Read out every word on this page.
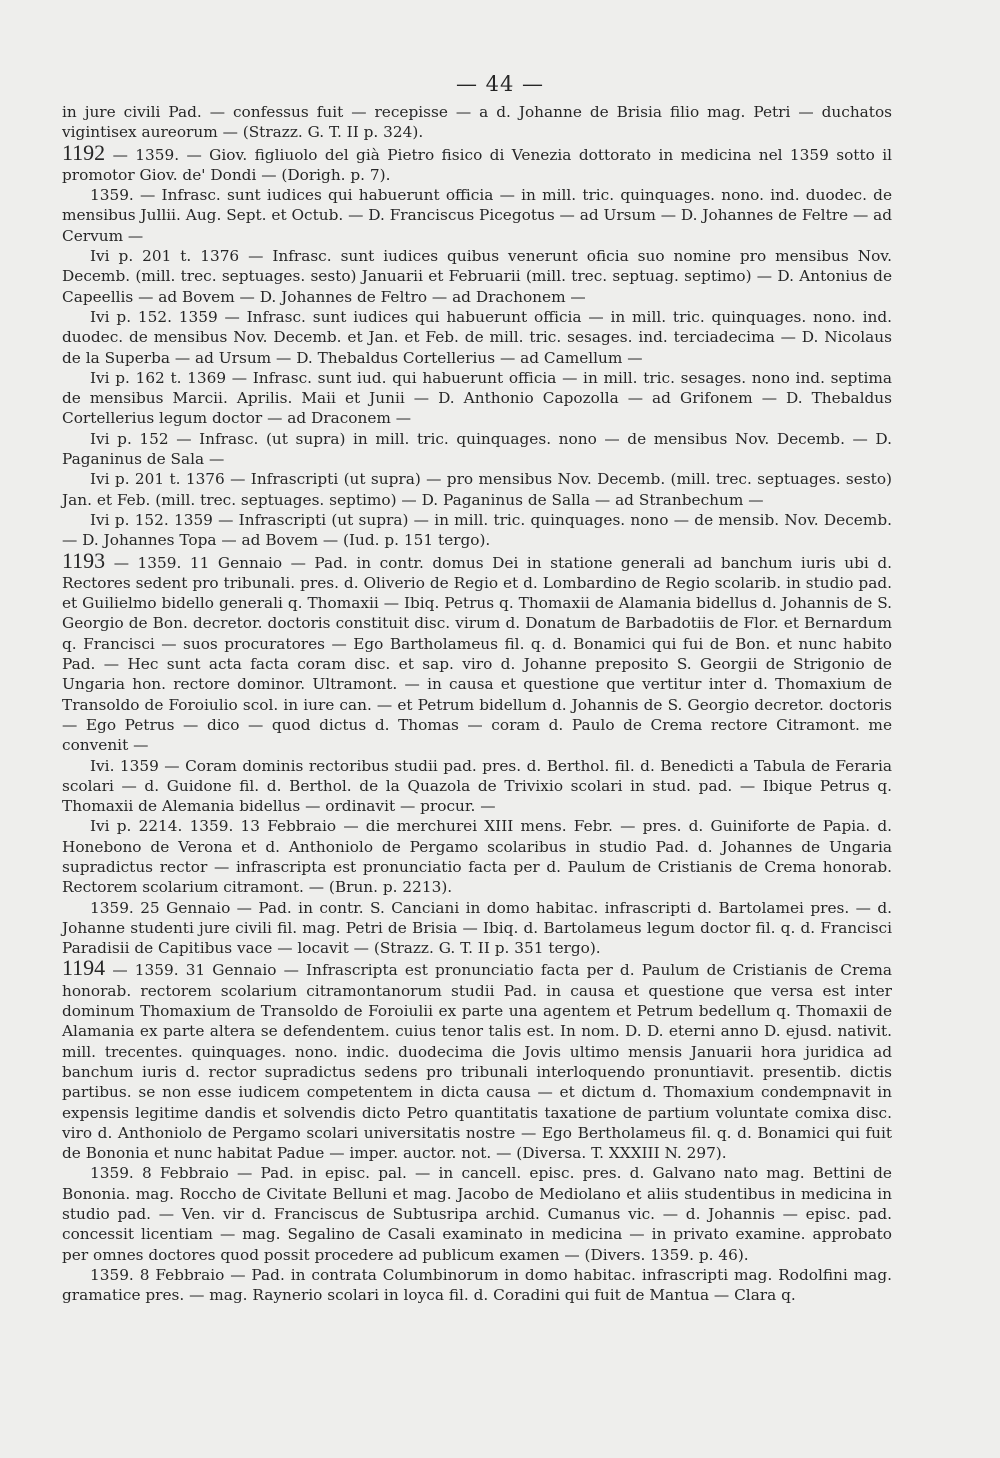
— 44 —

in jure civili Pad. — confessus fuit — recepisse — a d. Johanne de Brisia filio mag. Petri — duchatos vigintisex aureorum — (Strazz. G. T. II p. 324).

1192 — 1359. — Giov. figliuolo del già Pietro fisico di Venezia dottorato in medicina nel 1359 sotto il promotor Giov. de' Dondi — (Dorigh. p. 7).

1359. — Infrasc. sunt iudices qui habuerunt officia — in mill. tric. quinquages. nono. ind. duodec. de mensibus Jullii. Aug. Sept. et Octub. — D. Franciscus Picegotus — ad Ursum — D. Johannes de Feltre — ad Cervum —

Ivi p. 201 t. 1376 — Infrasc. sunt iudices quibus venerunt oficia suo nomine pro mensibus Nov. Decemb. (mill. trec. septuages. sesto) Januarii et Februarii (mill. trec. septuag. septimo) — D. Antonius de Capeellis — ad Bovem — D. Johannes de Feltro — ad Drachonem —

Ivi p. 152. 1359 — Infrasc. sunt iudices qui habuerunt officia — in mill. tric. quinquages. nono. ind. duodec. de mensibus Nov. Decemb. et Jan. et Feb. de mill. tric. sesages. ind. terciadecima — D. Nicolaus de la Superba — ad Ursum — D. Thebaldus Cortellerius — ad Camellum —

Ivi p. 162 t. 1369 — Infrasc. sunt iud. qui habuerunt officia — in mill. tric. sesages. nono ind. septima de mensibus Marcii. Aprilis. Maii et Junii — D. Anthonio Capozolla — ad Grifonem — D. Thebaldus Cortellerius legum doctor — ad Draconem —

Ivi p. 152 — Infrasc. (ut supra) in mill. tric. quinquages. nono — de mensibus Nov. Decemb. — D. Paganinus de Sala —

Ivi p. 201 t. 1376 — Infrascripti (ut supra) — pro mensibus Nov. Decemb. (mill. trec. septuages. sesto) Jan. et Feb. (mill. trec. septuages. septimo) — D. Paganinus de Salla — ad Stranbechum —

Ivi p. 152. 1359 — Infrascripti (ut supra) — in mill. tric. quinquages. nono — de mensib. Nov. Decemb. — D. Johannes Topa — ad Bovem — (Iud. p. 151 tergo).

1193 — 1359. 11 Gennaio — Pad. in contr. domus Dei in statione generali ad banchum iuris ubi d. Rectores sedent pro tribunali. pres. d. Oliverio de Regio et d. Lombardino de Regio scolarib. in studio pad. et Guilielmo bidello generali q. Thomaxii — Ibiq. Petrus q. Thomaxii de Alamania bidellus d. Johannis de S. Georgio de Bon. decretor. doctoris constituit disc. virum d. Donatum de Barbadotiis de Flor. et Bernardum q. Francisci — suos procuratores — Ego Bartholameus fil. q. d. Bonamici qui fui de Bon. et nunc habito Pad. — Hec sunt acta facta coram disc. et sap. viro d. Johanne preposito S. Georgii de Strigonio de Ungaria hon. rectore dominor. Ultramont. — in causa et questione que vertitur inter d. Thomaxium de Transoldo de Foroiulio scol. in iure can. — et Petrum bidellum d. Johannis de S. Georgio decretor. doctoris — Ego Petrus — dico — quod dictus d. Thomas — coram d. Paulo de Crema rectore Citramont. me convenit —

Ivi. 1359 — Coram dominis rectoribus studii pad. pres. d. Berthol. fil. d. Benedicti a Tabula de Feraria scolari — d. Guidone fil. d. Berthol. de la Quazola de Trivixio scolari in stud. pad. — Ibique Petrus q. Thomaxii de Alemania bidellus — ordinavit — procur. —

Ivi p. 2214. 1359. 13 Febbraio — die merchurei XIII mens. Febr. — pres. d. Guiniforte de Papia. d. Honebono de Verona et d. Anthoniolo de Pergamo scolaribus in studio Pad. d. Johannes de Ungaria supradictus rector — infrascripta est pronunciatio facta per d. Paulum de Cristianis de Crema honorab. Rectorem scolarium citramont. — (Brun. p. 2213).

1359. 25 Gennaio — Pad. in contr. S. Canciani in domo habitac. infrascripti d. Bartolamei pres. — d. Johanne studenti jure civili fil. mag. Petri de Brisia — Ibiq. d. Bartolameus legum doctor fil. q. d. Francisci Paradisii de Capitibus vace — locavit — (Strazz. G. T. II p. 351 tergo).

1194 — 1359. 31 Gennaio — Infrascripta est pronunciatio facta per d. Paulum de Cristianis de Crema honorab. rectorem scolarium citramontanorum studii Pad. in causa et questione que versa est inter dominum Thomaxium de Transoldo de Foroiulii ex parte una agentem et Petrum bedellum q. Thomaxii de Alamania ex parte altera se defendentem. cuius tenor talis est. In nom. D. D. eterni anno D. ejusd. nativit. mill. trecentes. quinquages. nono. indic. duodecima die Jovis ultimo mensis Januarii hora juridica ad banchum iuris d. rector supradictus sedens pro tribunali interloquendo pronuntiavit. presentib. dictis partibus. se non esse iudicem competentem in dicta causa — et dictum d. Thomaxium condempnavit in expensis legitime dandis et solvendis dicto Petro quantitatis taxatione de partium voluntate comixa disc. viro d. Anthoniolo de Pergamo scolari universitatis nostre — Ego Bertholameus fil. q. d. Bonamici qui fuit de Bononia et nunc habitat Padue — imper. auctor. not. — (Diversa. T. XXXIII N. 297).

1359. 8 Febbraio — Pad. in episc. pal. — in cancell. episc. pres. d. Galvano nato mag. Bettini de Bononia. mag. Roccho de Civitate Belluni et mag. Jacobo de Mediolano et aliis studentibus in medicina in studio pad. — Ven. vir d. Franciscus de Subtusripa archid. Cumanus vic. — d. Johannis — episc. pad. concessit licentiam — mag. Segalino de Casali examinato in medicina — in privato examine. approbato per omnes doctores quod possit procedere ad publicum examen — (Divers. 1359. p. 46).

1359. 8 Febbraio — Pad. in contrata Columbinorum in domo habitac. infrascripti mag. Rodolfini mag. gramatice pres. — mag. Raynerio scolari in loyca fil. d. Coradini qui fuit de Mantua — Clara q.
